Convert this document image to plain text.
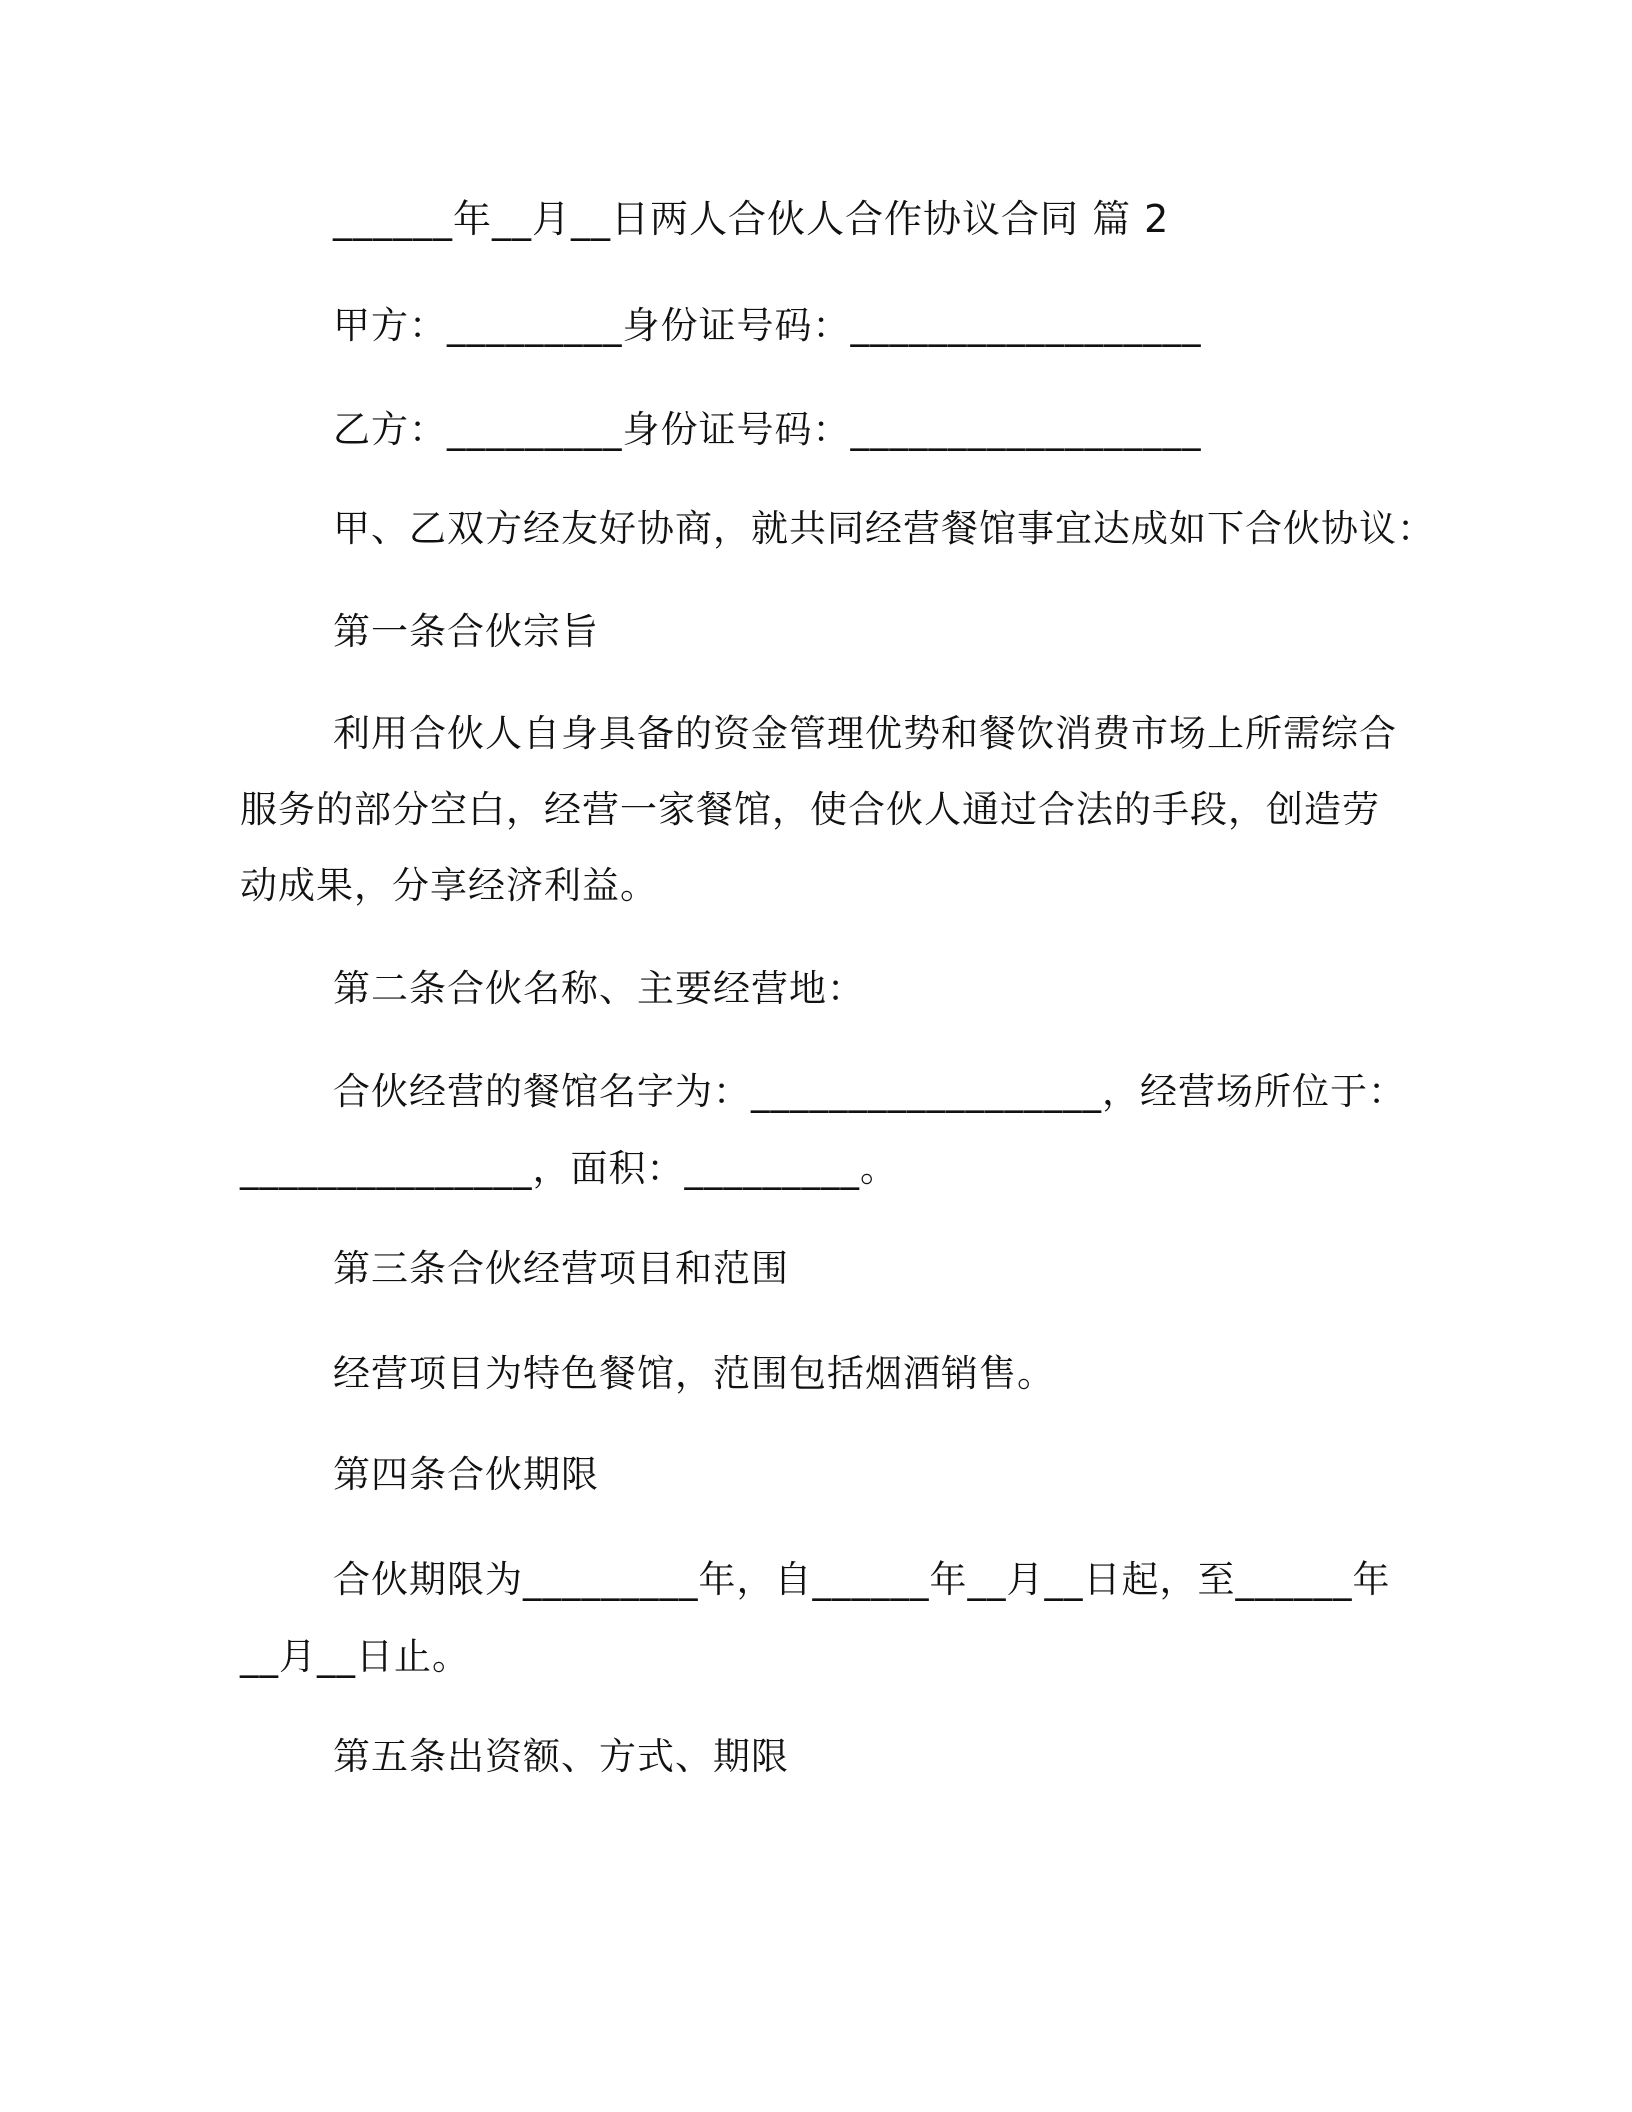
______年__月__日两人合伙人合作协议合同 篇 2
甲方：_________身份证号码：__________________
乙方：_________身份证号码：__________________
甲、乙双方经友好协商，就共同经营餐馆事宜达成如下合伙协议：
第一条合伙宗旨
利用合伙人自身具备的资金管理优势和餐饮消费市场上所需综合
服务的部分空白，经营一家餐馆，使合伙人通过合法的手段，创造劳
动成果，分享经济利益。
第二条合伙名称、主要经营地：
合伙经营的餐馆名字为：__________________，经营场所位于：
_______________，面积：_________。
第三条合伙经营项目和范围
经营项目为特色餐馆，范围包括烟酒销售。
第四条合伙期限
合伙期限为_________年，自______年__月__日起，至______年
__月__日止。
第五条出资额、方式、期限
